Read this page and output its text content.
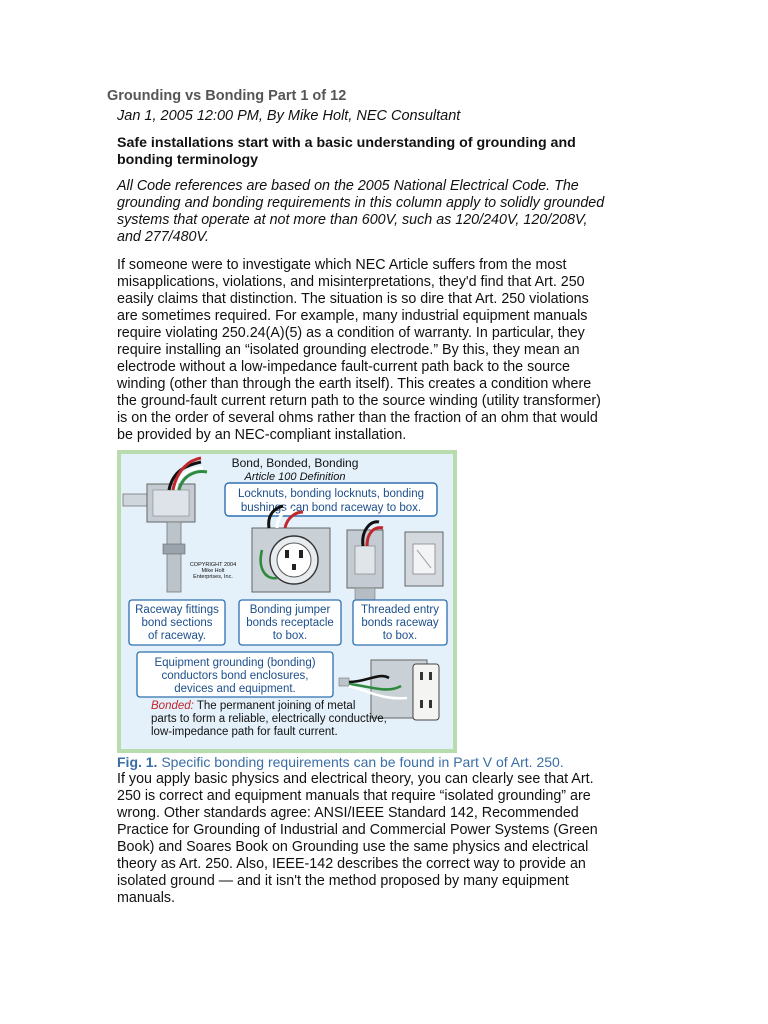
Grounding vs Bonding Part 1 of 12
Jan 1, 2005 12:00 PM, By Mike Holt, NEC Consultant
Safe installations start with a basic understanding of grounding and
bonding terminology

All Code references are based on the 2005 National Electrical Code. The
grounding and bonding requirements in this column apply to solidly grounded
systems that operate at not more than 600V, such as 120/240V, 120/208V,
and 277/480V.

If someone were to investigate which NEC Article suffers from the most
misapplications, violations, and misinterpretations, they'd find that Art. 250
easily claims that distinction. The situation is so dire that Art. 250 violations
are sometimes required. For example, many industrial equipment manuals
require violating 250.24(A)(5) as a condition of warranty. In particular, they
require installing an “isolated grounding electrode.” By this, they mean an
electrode without a low-impedance fault-current path back to the source
winding (other than through the earth itself). This creates a condition where
the ground-fault current return path to the source winding (utility transformer)
is on the order of several ohms rather than the fraction of an ohm that would
be provided by an NEC-compliant installation.

Bond, Bonded, Bonding
Article 100 Definition
Locknuts, bonding locknuts, bonding
bushings can bond raceway to box.
COPYRIGHT 2004
Mike Holt
Enterprises, Inc.
Raceway fittings
bond sections
of raceway.
Bonding jumper
bonds receptacle
to box.
Threaded entry
bonds raceway
to box.
Equipment grounding (bonding)
conductors bond enclosures,
devices and equipment.
Bonded: The permanent joining of metal
parts to form a reliable, electrically conductive,
low-impedance path for fault current.
Fig. 1. Specific bonding requirements can be found in Part V of Art. 250.

If you apply basic physics and electrical theory, you can clearly see that Art.
250 is correct and equipment manuals that require “isolated grounding” are
wrong. Other standards agree: ANSI/IEEE Standard 142, Recommended
Practice for Grounding of Industrial and Commercial Power Systems (Green
Book) and Soares Book on Grounding use the same physics and electrical
theory as Art. 250. Also, IEEE-142 describes the correct way to provide an
isolated ground — and it isn't the method proposed by many equipment
manuals.
